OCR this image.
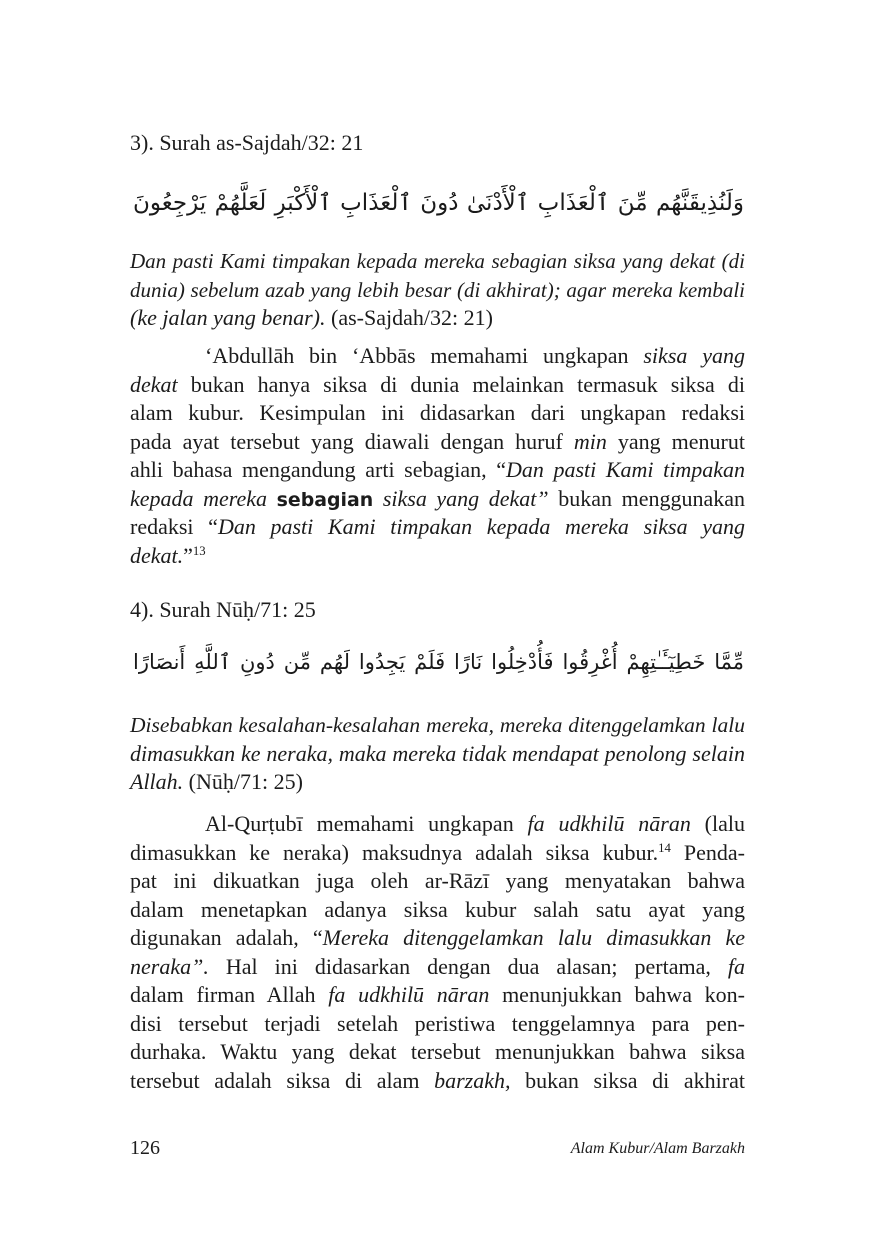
3). Surah as-Sajdah/32: 21
وَلَنُذِيقَنَّهُم مِّنَ ٱلْعَذَابِ ٱلْأَدْنَىٰ دُونَ ٱلْعَذَابِ ٱلْأَكْبَرِ لَعَلَّهُمْ يَرْجِعُونَ
Dan pasti Kami timpakan kepada mereka sebagian siksa yang dekat (di
dunia) sebelum azab yang lebih besar (di akhirat); agar mereka kembali
(ke jalan yang benar). (as-Sajdah/32: 21)
‘Abdullāh bin ‘Abbās memahami ungkapan siksa yang
dekat bukan hanya siksa di dunia melainkan termasuk siksa di
alam kubur. Kesimpulan ini didasarkan dari ungkapan redaksi
pada ayat tersebut yang diawali dengan huruf min yang menurut
ahli bahasa mengandung arti sebagian, “Dan pasti Kami timpakan
kepada mereka sebagian siksa yang dekat” bukan menggunakan
redaksi “Dan pasti Kami timpakan kepada mereka siksa yang
dekat.”$^{13}$
4). Surah Nūḥ/71: 25
مِّمَّا خَطِيٓـَٔـٰتِهِمْ أُغْرِقُوا فَأُدْخِلُوا نَارًا فَلَمْ يَجِدُوا لَهُم مِّن دُونِ ٱللَّهِ أَنصَارًا
Disebabkan kesalahan-kesalahan mereka, mereka ditenggelamkan lalu
dimasukkan ke neraka, maka mereka tidak mendapat penolong selain
Allah. (Nūḥ/71: 25)
Al-Qurṭubī memahami ungkapan fa udkhilū nāran (lalu
dimasukkan ke neraka) maksudnya adalah siksa kubur.$^{14}$ Penda-
pat ini dikuatkan juga oleh ar-Rāzī yang menyatakan bahwa
dalam menetapkan adanya siksa kubur salah satu ayat yang
digunakan adalah, “Mereka ditenggelamkan lalu dimasukkan ke
neraka”. Hal ini didasarkan dengan dua alasan; pertama, fa
dalam firman Allah fa udkhilū nāran menunjukkan bahwa kon-
disi tersebut terjadi setelah peristiwa tenggelamnya para pen-
durhaka. Waktu yang dekat tersebut menunjukkan bahwa siksa
tersebut adalah siksa di alam barzakh, bukan siksa di akhirat
126	Alam Kubur/Alam Barzakh
